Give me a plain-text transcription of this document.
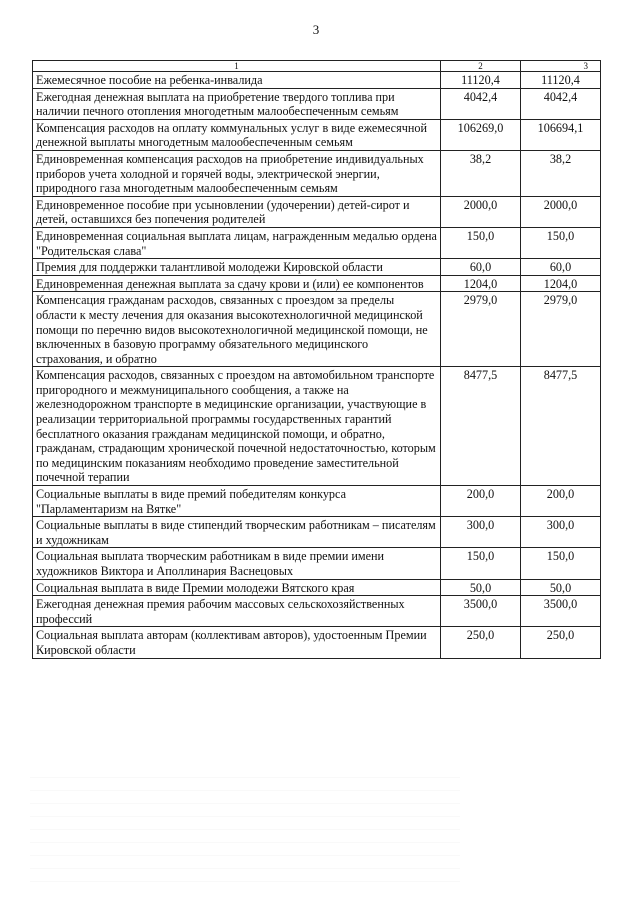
3
1	2	3
Ежемесячное пособие на ребенка-инвалида	11120,4	11120,4
Ежегодная денежная выплата на приобретение твердого топлива при наличии печного отопления многодетным малообеспеченным семьям	4042,4	4042,4
Компенсация расходов на оплату коммунальных услуг в виде ежемесячной денежной выплаты многодетным малообеспеченным семьям	106269,0	106694,1
Единовременная компенсация расходов на приобретение индивидуальных приборов учета холодной и горячей воды, электрической энергии, природного газа многодетным малообеспеченным семьям	38,2	38,2
Единовременное пособие при усыновлении (удочерении) детей-сирот и детей, оставшихся без попечения родителей	2000,0	2000,0
Единовременная социальная выплата лицам, награжденным медалью ордена "Родительская слава"	150,0	150,0
Премия для поддержки талантливой молодежи Кировской области	60,0	60,0
Единовременная денежная выплата за сдачу крови и (или) ее компонентов	1204,0	1204,0
Компенсация гражданам расходов, связанных с проездом за пределы области к месту лечения для оказания высокотехнологичной медицинской помощи по перечню видов высокотехнологичной медицинской помощи, не включенных в базовую программу обязательного медицинского страхования, и обратно	2979,0	2979,0
Компенсация расходов, связанных с проездом на автомобильном транспорте пригородного и межмуниципального сообщения, а также на железнодорожном транспорте в медицинские организации, участвующие в реализации территориальной программы государственных гарантий бесплатного оказания гражданам медицинской помощи, и обратно, гражданам, страдающим хронической почечной недостаточностью, которым по медицинским показаниям необходимо проведение заместительной почечной терапии	8477,5	8477,5
Социальные выплаты в виде премий победителям конкурса "Парламентаризм на Вятке"	200,0	200,0
Социальные выплаты в виде стипендий творческим работникам – писателям и художникам	300,0	300,0
Социальная выплата творческим работникам в виде премии имени художников Виктора и Аполлинария Васнецовых	150,0	150,0
Социальная выплата в виде Премии молодежи Вятского края	50,0	50,0
Ежегодная денежная премия рабочим массовых сельскохозяйственных профессий	3500,0	3500,0
Социальная выплата авторам (коллективам авторов), удостоенным Премии Кировской области	250,0	250,0
